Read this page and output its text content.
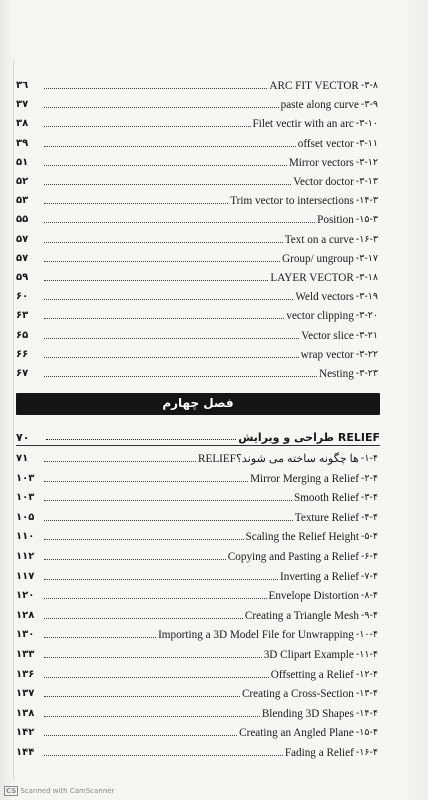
٣٦	ARC FIT VECTOR -٨-٣
٣٧	paste along curve -٩-٣
٣٨	Filet vectir with an arc -١٠-٣
٣٩	offset vector -١١-٣
۵١	Mirror vectors -١٢-٣
۵٢	Vector doctor -١٣-٣
۵٣	Trim vector to intersections -١۴-٣
۵۵	Position -١۵-٣
۵٧	Text on a curve -١۶-٣
۵٧	Group/ ungroup -١٧-٣
۵٩	LAYER VECTOR -١٨-٣
۶٠	Weld vectors -١٩-٣
۶٣	vector clipping -٢٠-٣
۶۵	Vector slice -٢١-٣
۶۶	wrap vector -٢٢-٣
۶٧	Nesting -٢٣-٣
فصل چهارم
٧٠	طراحی و ویرایش RELIEF
٧١	RELIEFها چگونه ساخته می شوند؟ -١-۴
١٠٣	Mirror Merging a Relief -٢-۴
١٠٣	Smooth Relief -٣-۴
١٠۵	Texture Relief -۴-۴
١١٠	Scaling the Relief Height -۵-۴
١١٢	Copying and Pasting a Relief -۶-۴
١١٧	Inverting a Relief -٧-۴
١٢٠	Envelope Distortion -٨-۴
١٢٨	Creating a Triangle Mesh -٩-۴
١٣٠	Importing a 3D Model File for Unwrapping -١٠-۴
١٣٣	3D Clipart Example -١١-۴
١٣۶	Offsetting a Relief -١٢-۴
١٣٧	Creating a Cross-Section -١٣-۴
١٣٨	Blending 3D Shapes -١۴-۴
١۴٢	Creating an Angled Plane -١۵-۴
١۴۴	Fading a Relief -١۶-۴
CS Scanned with CamScanner
